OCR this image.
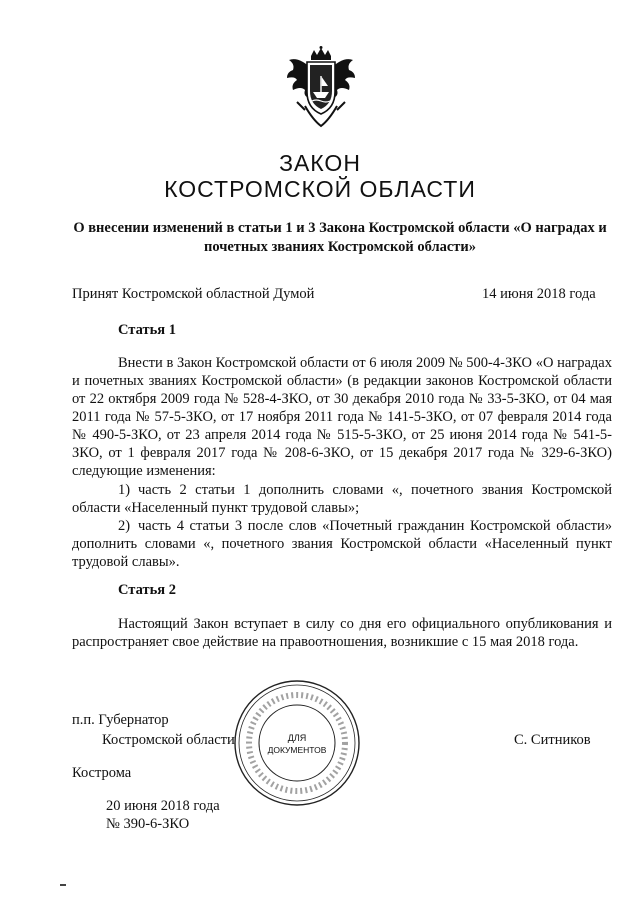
ЗАКОН
КОСТРОМСКОЙ ОБЛАСТИ
О внесении изменений в статьи 1 и 3 Закона Костромской области «О наградах и почетных званиях Костромской области»
Принят Костромской областной Думой	14 июня 2018 года
Статья 1
Внести в Закон Костромской области от 6 июля 2009 № 500-4-ЗКО «О наградах и почетных званиях Костромской области» (в редакции законов Костромской области от 22 октября 2009 года № 528-4-ЗКО, от 30 декабря 2010 года № 33-5-ЗКО, от 04 мая 2011 года № 57-5-ЗКО, от 17 ноября 2011 года № 141-5-ЗКО, от 07 февраля 2014 года № 490-5-ЗКО, от 23 апреля 2014 года № 515-5-ЗКО, от 25 июня 2014 года № 541-5-ЗКО, от 1 февраля 2017 года № 208-6-ЗКО, от 15 декабря 2017 года № 329-6-ЗКО) следующие изменения:
1) часть 2 статьи 1 дополнить словами «, почетного звания Костромской области «Населенный пункт трудовой славы»;
2) часть 4 статьи 3 после слов «Почетный гражданин Костромской области» дополнить словами «, почетного звания Костромской области «Населенный пункт трудовой славы».
Статья 2
Настоящий Закон вступает в силу со дня его официального опубликования и распространяет свое действие на правоотношения, возникшие с 15 мая 2018 года.
п.п. Губернатор
Костромской области	С. Ситников
ДЛЯ
ДОКУМЕНТОВ
Кострома
20 июня 2018 года
№ 390-6-ЗКО
